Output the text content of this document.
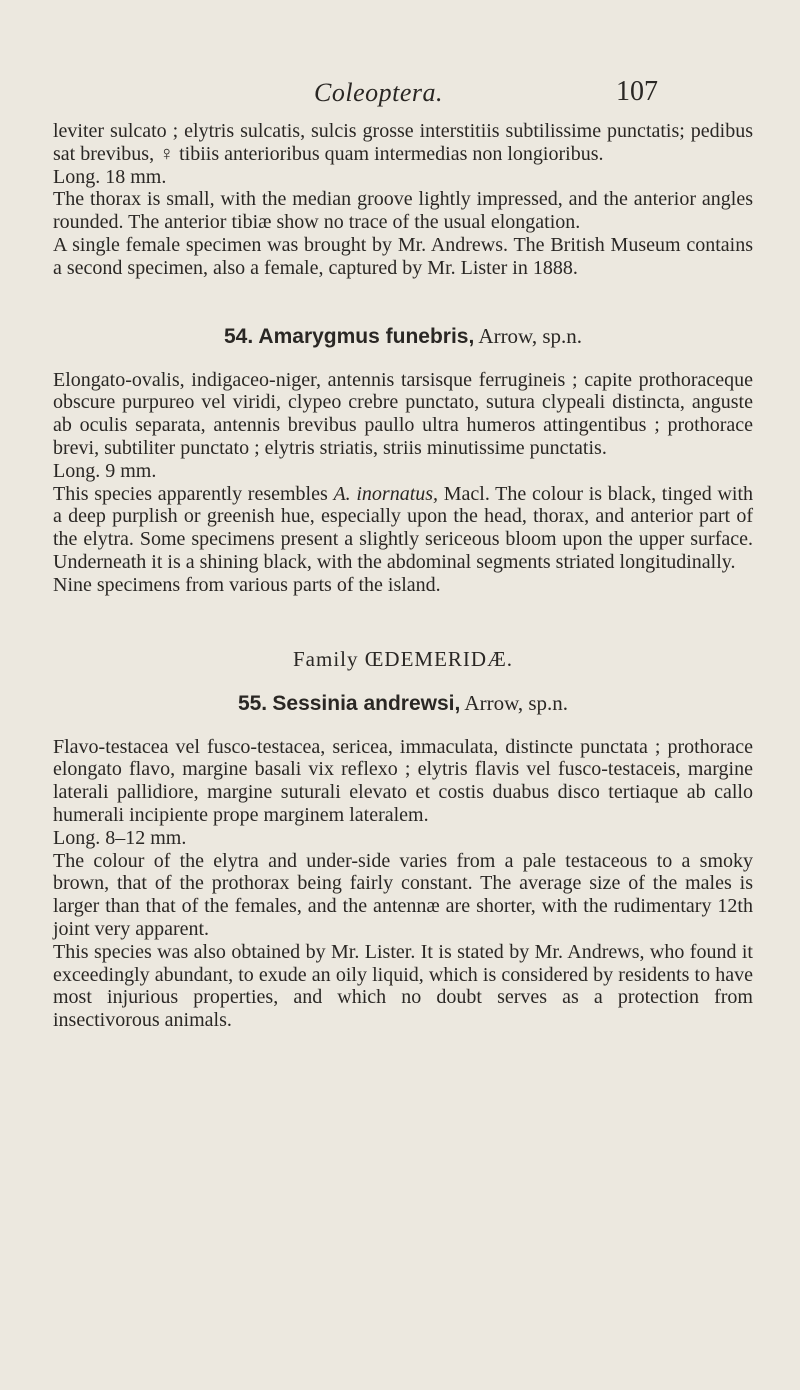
Coleoptera.	107

leviter sulcato ; elytris sulcatis, sulcis grosse interstitiis subtilissime punctatis; pedibus sat brevibus, ♀ tibiis anterioribus quam intermedias non longioribus.

Long. 18 mm.

The thorax is small, with the median groove lightly impressed, and the anterior angles rounded. The anterior tibiæ show no trace of the usual elongation.

A single female specimen was brought by Mr. Andrews. The British Museum contains a second specimen, also a female, captured by Mr. Lister in 1888.

54. Amarygmus funebris, Arrow, sp.n.

Elongato-ovalis, indigaceo-niger, antennis tarsisque ferrugineis ; capite prothoraceque obscure purpureo vel viridi, clypeo crebre punctato, sutura clypeali distincta, anguste ab oculis separata, antennis brevibus paullo ultra humeros attingentibus ; prothorace brevi, subtiliter punctato ; elytris striatis, striis minutissime punctatis.

Long. 9 mm.

This species apparently resembles A. inornatus, Macl. The colour is black, tinged with a deep purplish or greenish hue, especially upon the head, thorax, and anterior part of the elytra. Some specimens present a slightly sericeous bloom upon the upper surface. Underneath it is a shining black, with the abdominal segments striated longitudinally.

Nine specimens from various parts of the island.

Family ŒDEMERIDÆ.

55. Sessinia andrewsi, Arrow, sp.n.

Flavo-testacea vel fusco-testacea, sericea, immaculata, distincte punctata ; prothorace elongato flavo, margine basali vix reflexo ; elytris flavis vel fusco-testaceis, margine laterali pallidiore, margine suturali elevato et costis duabus disco tertiaque ab callo humerali incipiente prope marginem lateralem.

Long. 8–12 mm.

The colour of the elytra and under-side varies from a pale testaceous to a smoky brown, that of the prothorax being fairly constant. The average size of the males is larger than that of the females, and the antennæ are shorter, with the rudimentary 12th joint very apparent.

This species was also obtained by Mr. Lister. It is stated by Mr. Andrews, who found it exceedingly abundant, to exude an oily liquid, which is considered by residents to have most injurious properties, and which no doubt serves as a protection from insectivorous animals.
